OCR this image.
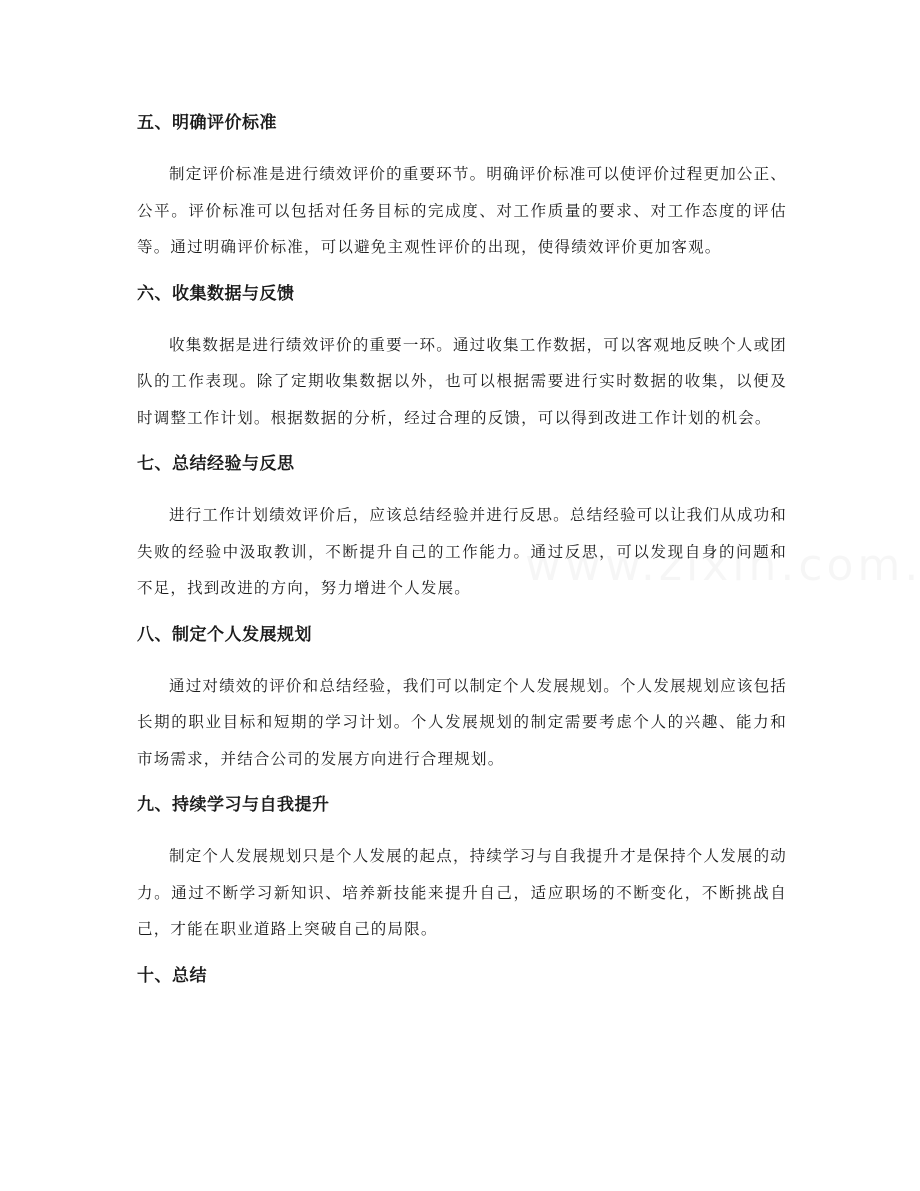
五、明确评价标准

制定评价标准是进行绩效评价的重要环节。明确评价标准可以使评价过程更加公正、公平。评价标准可以包括对任务目标的完成度、对工作质量的要求、对工作态度的评估等。通过明确评价标准，可以避免主观性评价的出现，使得绩效评价更加客观。

六、收集数据与反馈

收集数据是进行绩效评价的重要一环。通过收集工作数据，可以客观地反映个人或团队的工作表现。除了定期收集数据以外，也可以根据需要进行实时数据的收集，以便及时调整工作计划。根据数据的分析，经过合理的反馈，可以得到改进工作计划的机会。

七、总结经验与反思

进行工作计划绩效评价后，应该总结经验并进行反思。总结经验可以让我们从成功和失败的经验中汲取教训，不断提升自己的工作能力。通过反思，可以发现自身的问题和不足，找到改进的方向，努力增进个人发展。

八、制定个人发展规划

通过对绩效的评价和总结经验，我们可以制定个人发展规划。个人发展规划应该包括长期的职业目标和短期的学习计划。个人发展规划的制定需要考虑个人的兴趣、能力和市场需求，并结合公司的发展方向进行合理规划。

九、持续学习与自我提升

制定个人发展规划只是个人发展的起点，持续学习与自我提升才是保持个人发展的动力。通过不断学习新知识、培养新技能来提升自己，适应职场的不断变化，不断挑战自己，才能在职业道路上突破自己的局限。

十、总结
